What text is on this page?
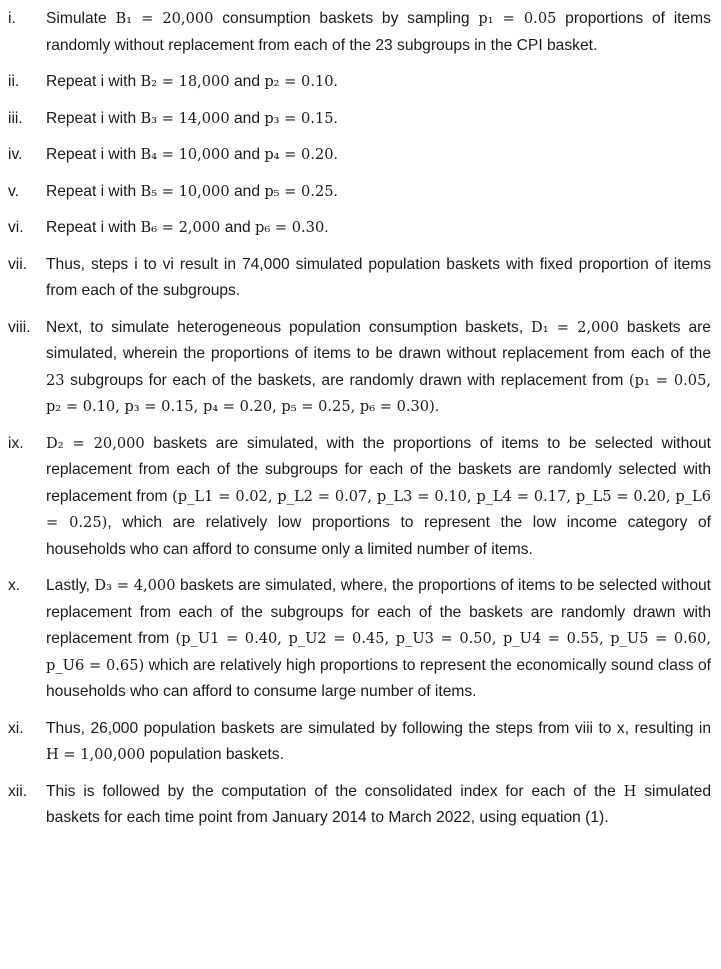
i.	Simulate B₁ = 20,000 consumption baskets by sampling p₁ = 0.05 proportions of items randomly without replacement from each of the 23 subgroups in the CPI basket.
ii.	Repeat i with B₂ = 18,000 and p₂ = 0.10.
iii.	Repeat i with B₃ = 14,000 and p₃ = 0.15.
iv.	Repeat i with B₄ = 10,000 and p₄ = 0.20.
v.	Repeat i with B₅ = 10,000 and p₅ = 0.25.
vi.	Repeat i with B₆ = 2,000 and p₆ = 0.30.
vii.	Thus, steps i to vi result in 74,000 simulated population baskets with fixed proportion of items from each of the subgroups.
viii. Next, to simulate heterogeneous population consumption baskets, D₁ = 2,000 baskets are simulated, wherein the proportions of items to be drawn without replacement from each of the 23 subgroups for each of the baskets, are randomly drawn with replacement from (p₁ = 0.05, p₂ = 0.10, p₃ = 0.15, p₄ = 0.20, p₅ = 0.25, p₆ = 0.30).
ix.	D₂ = 20,000 baskets are simulated, with the proportions of items to be selected without replacement from each of the subgroups for each of the baskets are randomly selected with replacement from (p_L1 = 0.02, p_L2 = 0.07, p_L3 = 0.10, p_L4 = 0.17, p_L5 = 0.20, p_L6 = 0.25), which are relatively low proportions to represent the low income category of households who can afford to consume only a limited number of items.
x.	Lastly, D₃ = 4,000 baskets are simulated, where, the proportions of items to be selected without replacement from each of the subgroups for each of the baskets are randomly drawn with replacement from (p_U1 = 0.40, p_U2 = 0.45, p_U3 = 0.50, p_U4 = 0.55, p_U5 = 0.60, p_U6 = 0.65) which are relatively high proportions to represent the economically sound class of households who can afford to consume large number of items.
xi.	Thus, 26,000 population baskets are simulated by following the steps from viii to x, resulting in H = 1,00,000 population baskets.
xii.	This is followed by the computation of the consolidated index for each of the H simulated baskets for each time point from January 2014 to March 2022, using equation (1).
